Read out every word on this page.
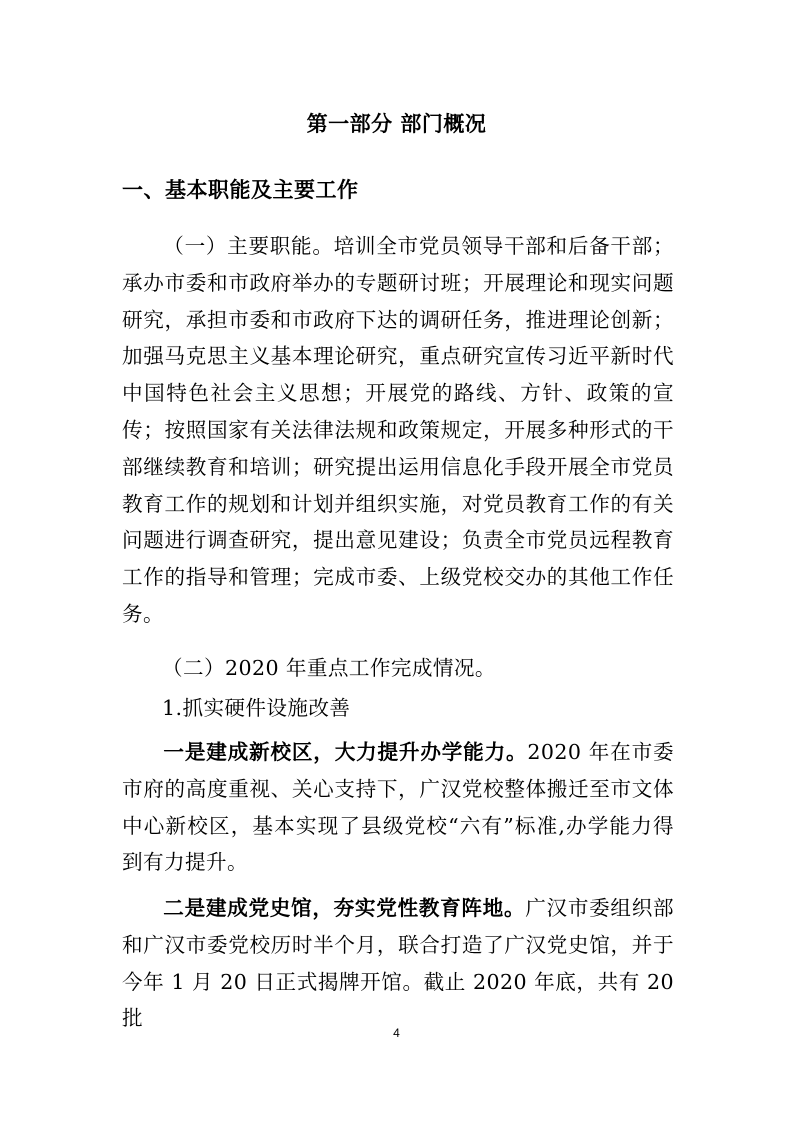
第一部分 部门概况
一、基本职能及主要工作
（一）主要职能。培训全市党员领导干部和后备干部；承办市委和市政府举办的专题研讨班；开展理论和现实问题研究，承担市委和市政府下达的调研任务，推进理论创新；加强马克思主义基本理论研究，重点研究宣传习近平新时代中国特色社会主义思想；开展党的路线、方针、政策的宣传；按照国家有关法律法规和政策规定，开展多种形式的干部继续教育和培训；研究提出运用信息化手段开展全市党员教育工作的规划和计划并组织实施，对党员教育工作的有关问题进行调查研究，提出意见建设；负责全市党员远程教育工作的指导和管理；完成市委、上级党校交办的其他工作任务。
（二）2020 年重点工作完成情况。
1.抓实硬件设施改善
一是建成新校区，大力提升办学能力。2020 年在市委市府的高度重视、关心支持下，广汉党校整体搬迁至市文体中心新校区，基本实现了县级党校“六有”标准,办学能力得到有力提升。
二是建成党史馆，夯实党性教育阵地。广汉市委组织部和广汉市委党校历时半个月，联合打造了广汉党史馆，并于今年 1 月 20 日正式揭牌开馆。截止 2020 年底，共有 20 批
4
